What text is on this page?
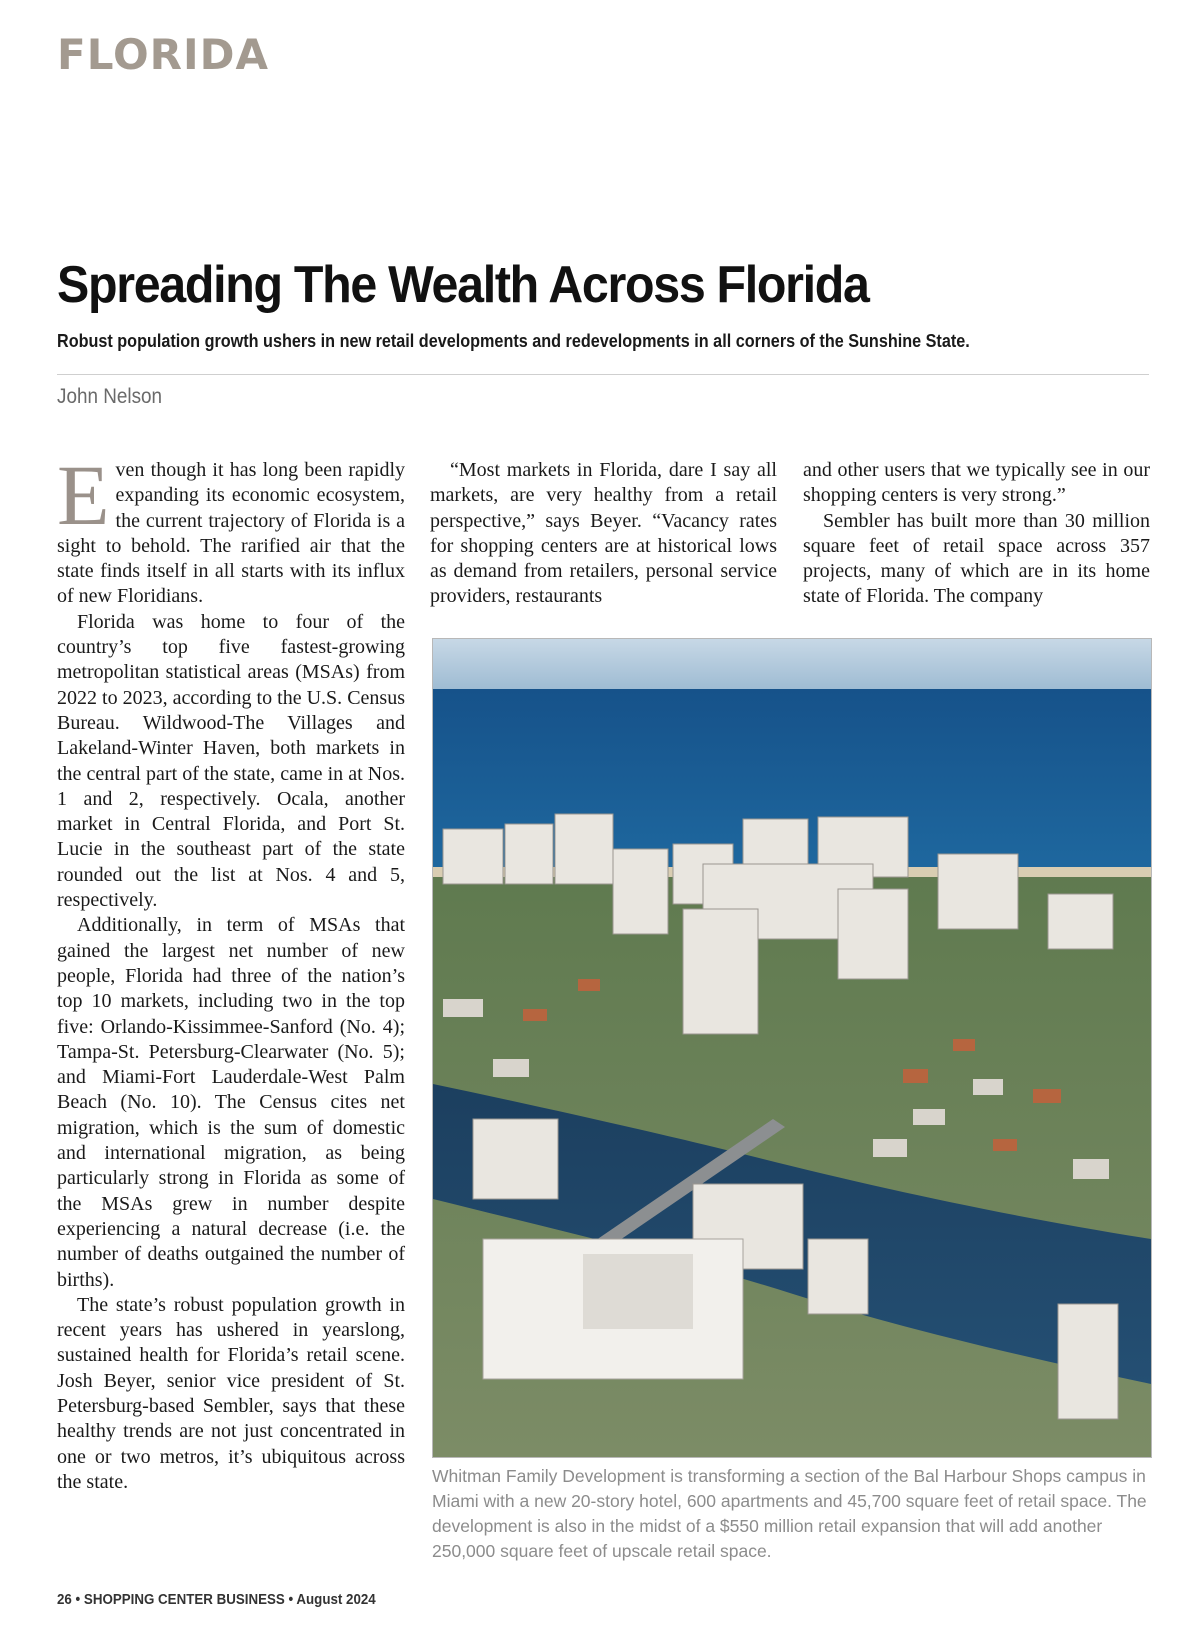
FLORIDA
Spreading The Wealth Across Florida

Robust population growth ushers in new retail developments and redevelopments in all corners of the Sunshine State.

John Nelson

Even though it has long been rapidly expanding its economic ecosystem, the current trajectory of Florida is a sight to behold. The rarified air that the state finds itself in all starts with its influx of new Floridians.

Florida was home to four of the country’s top five fastest-growing metropolitan statistical areas (MSAs) from 2022 to 2023, according to the U.S. Census Bureau. Wildwood-The Villages and Lakeland-Winter Haven, both markets in the central part of the state, came in at Nos. 1 and 2, respectively. Ocala, another market in Central Florida, and Port St. Lucie in the southeast part of the state rounded out the list at Nos. 4 and 5, respectively.

Additionally, in term of MSAs that gained the largest net number of new people, Florida had three of the nation’s top 10 markets, including two in the top five: Orlando-Kissimmee-Sanford (No. 4); Tampa-St. Petersburg-Clearwater (No. 5); and Miami-Fort Lauderdale-West Palm Beach (No. 10). The Census cites net migration, which is the sum of domestic and international migration, as being particularly strong in Florida as some of the MSAs grew in number despite experiencing a natural decrease (i.e. the number of deaths outgained the number of births).

The state’s robust population growth in recent years has ushered in yearslong, sustained health for Florida’s retail scene. Josh Beyer, senior vice president of St. Petersburg-based Sembler, says that these healthy trends are not just concentrated in one or two metros, it’s ubiquitous across the state.

“Most markets in Florida, dare I say all markets, are very healthy from a retail perspective,” says Beyer. “Vacancy rates for shopping centers are at historical lows as demand from retailers, personal service providers, restaurants

and other users that we typically see in our shopping centers is very strong.”

Sembler has built more than 30 million square feet of retail space across 357 projects, many of which are in its home state of Florida. The company

Whitman Family Development is transforming a section of the Bal Harbour Shops campus in Miami with a new 20-story hotel, 600 apartments and 45,700 square feet of retail space. The development is also in the midst of a $550 million retail expansion that will add another 250,000 square feet of upscale retail space.
26 • SHOPPING CENTER BUSINESS • August 2024
